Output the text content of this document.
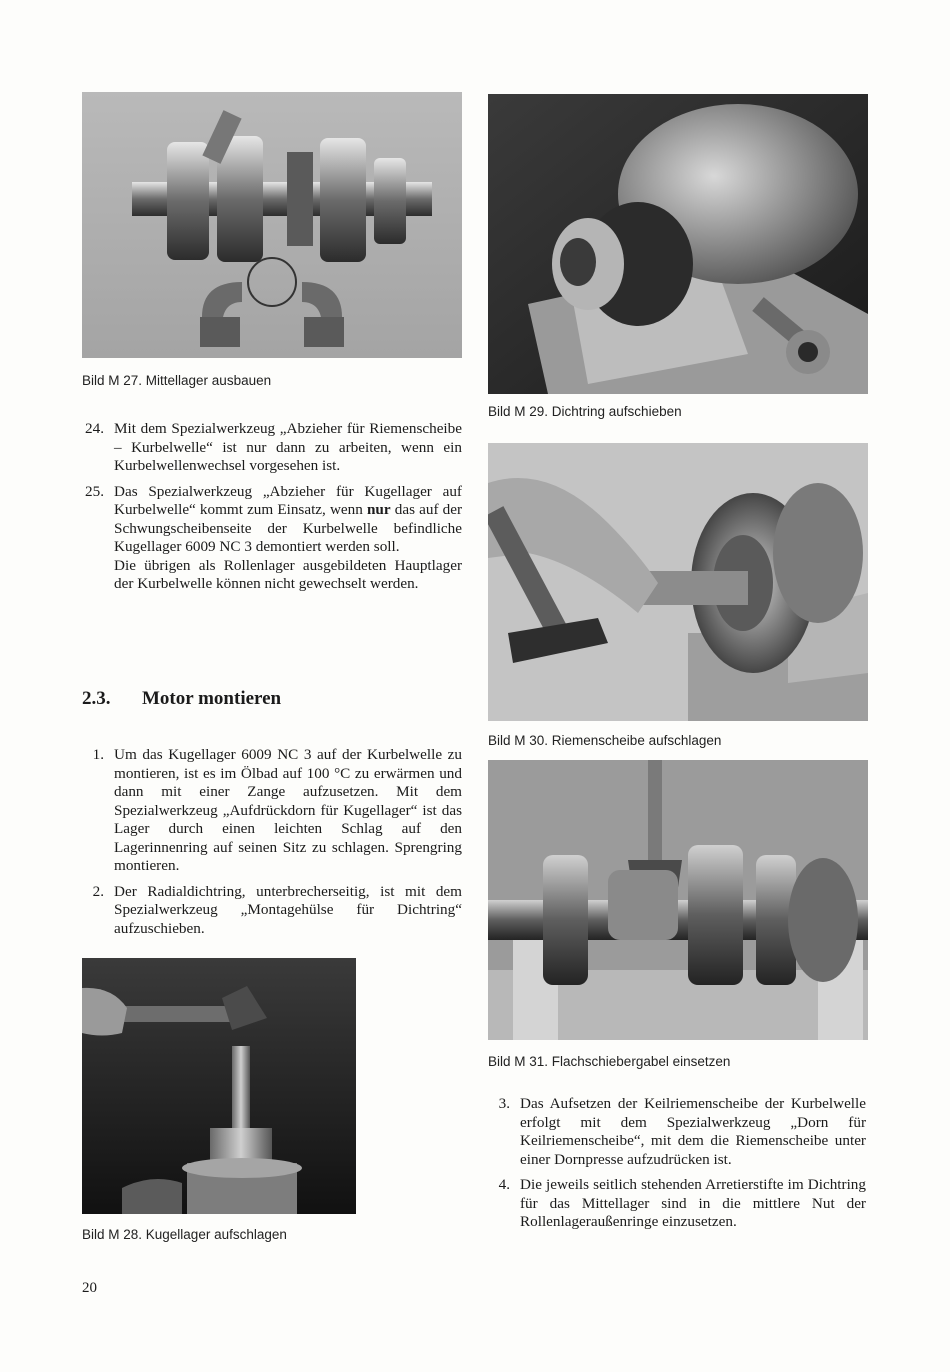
Bild M 27. Mittellager ausbauen
Bild M 29. Dichtring aufschieben
24. Mit dem Spezialwerkzeug „Abzieher für Riemenscheibe – Kurbelwelle“ ist nur dann zu arbeiten, wenn ein Kurbelwellenwechsel vorgesehen ist.

25. Das Spezialwerkzeug „Abzieher für Kugellager auf Kurbelwelle“ kommt zum Einsatz, wenn nur das auf der Schwungscheibenseite der Kurbelwelle befindliche Kugellager 6009 NC 3 demontiert werden soll.

Die übrigen als Rollenlager ausgebildeten Hauptlager der Kurbelwelle können nicht gewechselt werden.

Bild M 30. Riemenscheibe aufschlagen
2.3. Motor montieren
1. Um das Kugellager 6009 NC 3 auf der Kurbelwelle zu montieren, ist es im Ölbad auf 100 °C zu erwärmen und dann mit einer Zange aufzusetzen. Mit dem Spezialwerkzeug „Aufdrückdorn für Kugellager“ ist das Lager durch einen leichten Schlag auf den Lagerinnenring auf seinen Sitz zu schlagen. Sprengring montieren.

2. Der Radialdichtring, unterbrecherseitig, ist mit dem Spezialwerkzeug „Montagehülse für Dichtring“ aufzuschieben.

Bild M 31. Flachschiebergabel einsetzen
Bild M 28. Kugellager aufschlagen
3. Das Aufsetzen der Keilriemenscheibe der Kurbelwelle erfolgt mit dem Spezialwerkzeug „Dorn für Keilriemenscheibe“, mit dem die Riemenscheibe unter einer Dornpresse aufzudrücken ist.

4. Die jeweils seitlich stehenden Arretierstifte im Dichtring für das Mittellager sind in die mittlere Nut der Rollenlageraußenringe einzusetzen.

20
